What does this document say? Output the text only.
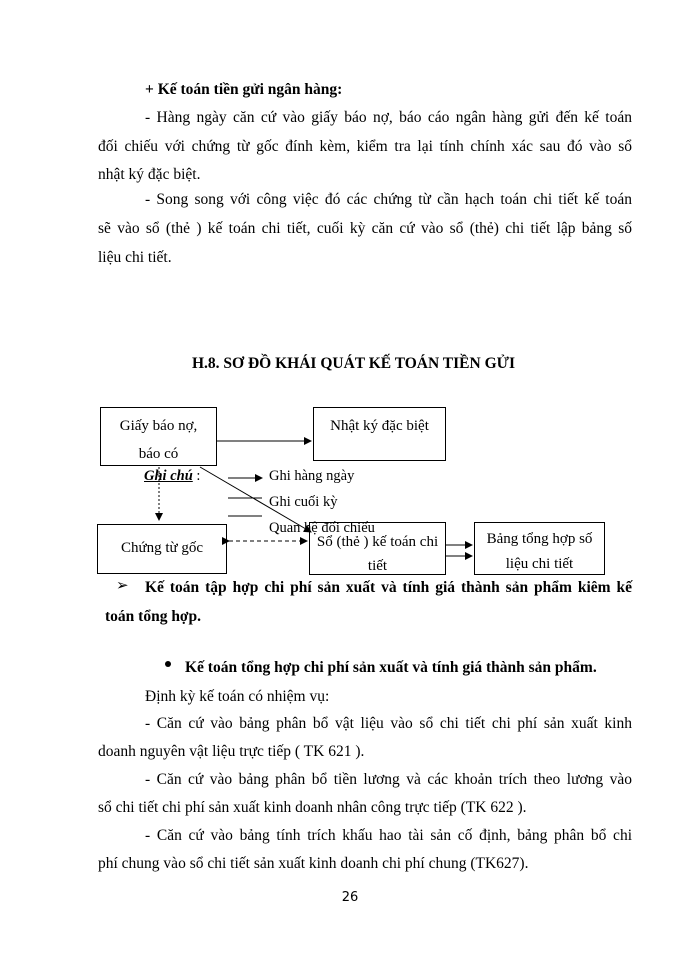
+ Kế toán tiền gửi ngân hàng:
- Hàng ngày căn cứ vào giấy báo nợ, báo cáo ngân hàng gửi đến kế toán
đối chiếu với chứng từ gốc đính kèm, kiểm tra lại tính chính xác sau đó vào sổ
nhật ký đặc biệt.
- Song song với công việc đó các chứng từ cần hạch toán chi tiết kế toán
sẽ vào sổ (thẻ ) kế toán chi tiết, cuối kỳ căn cứ vào sổ (thẻ) chi tiết lập bảng số
liệu chi tiết.
H.8. SƠ ĐỒ KHÁI QUÁT KẾ TOÁN TIỀN GỬI
Giấy báo nợ,
báo có
Nhật ký đặc biệt
Chứng từ gốc	Sổ (thẻ ) kế toán chi
tiết
Bảng tổng hợp số
liệu chi tiết
Ghi chú :	Ghi hàng ngày
Ghi cuối kỳ
Quan hệ đối chiếu
➢ Kế toán tập hợp chi phí sản xuất và tính giá thành sản phẩm kiêm kế
toán tổng hợp.
Kế toán tổng hợp chi phí sản xuất và tính giá thành sản phẩm.
Định kỳ kế toán có nhiệm vụ:
- Căn cứ vào bảng phân bổ vật liệu vào sổ chi tiết chi phí sản xuất kinh
doanh nguyên vật liệu trực tiếp ( TK 621 ).
- Căn cứ vào bảng phân bổ tiền lương và các khoản trích theo lương vào
sổ chi tiết chi phí sản xuất kinh doanh nhân công trực tiếp (TK 622 ).
- Căn cứ vào bảng tính trích khấu hao tài sản cố định, bảng phân bổ chi
phí chung vào sổ chi tiết sản xuất kinh doanh chi phí chung (TK627).
26
